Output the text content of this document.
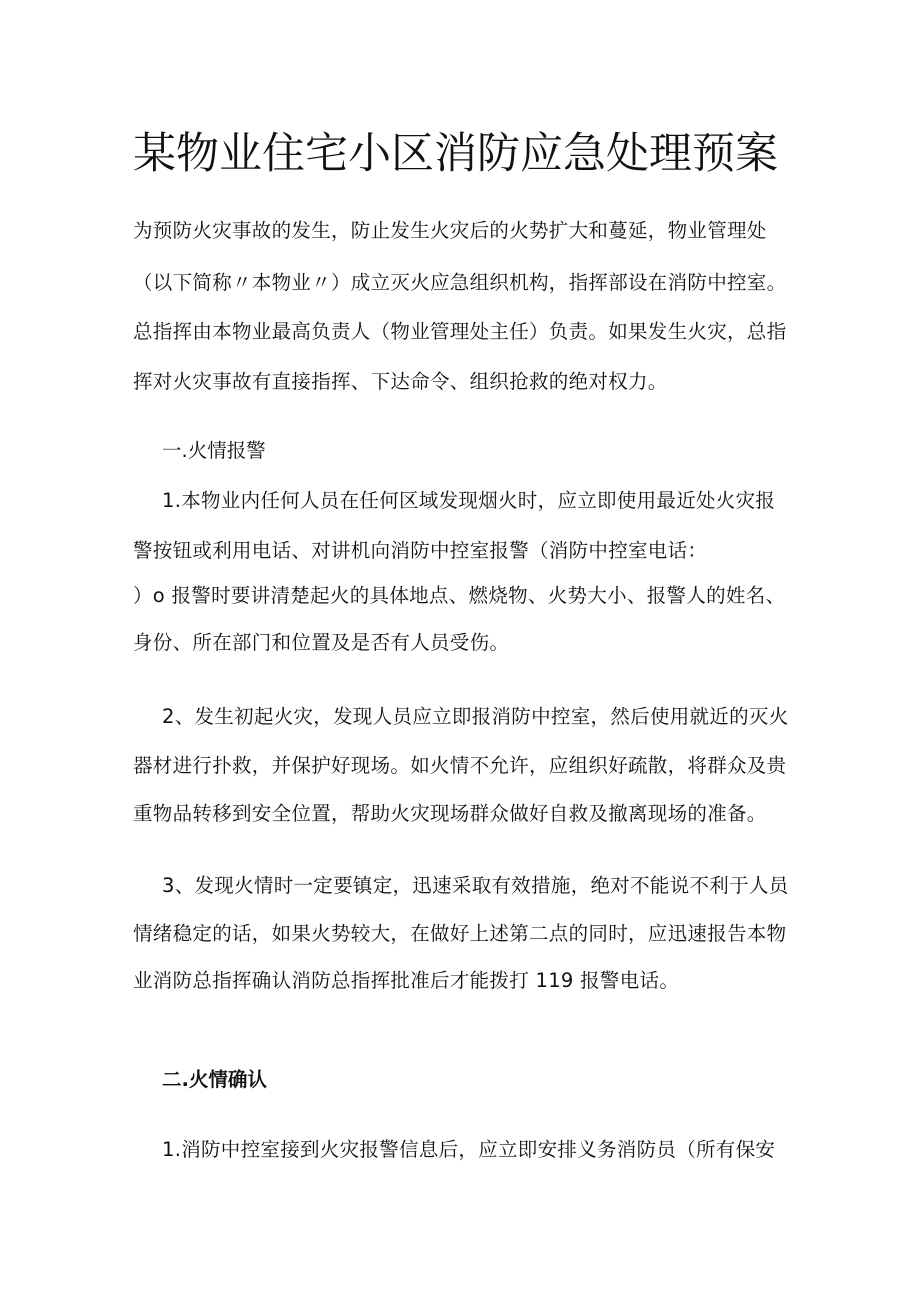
某物业住宅小区消防应急处理预案

为预防火灾事故的发生，防止发生火灾后的火势扩大和蔓延，物业管理处

（以下简称〃本物业〃）成立灭火应急组织机构，指挥部设在消防中控室。

总指挥由本物业最高负责人（物业管理处主任）负责。如果发生火灾，总指

挥对火灾事故有直接指挥、下达命令、组织抢救的绝对权力。

一.火情报警

1.本物业内任何人员在任何区域发现烟火时，应立即使用最近处火灾报

警按钮或利用电话、对讲机向消防中控室报警（消防中控室电话：

）o 报警时要讲清楚起火的具体地点、燃烧物、火势大小、报警人的姓名、

身份、所在部门和位置及是否有人员受伤。

2、发生初起火灾，发现人员应立即报消防中控室，然后使用就近的灭火

器材进行扑救，并保护好现场。如火情不允许，应组织好疏散，将群众及贵

重物品转移到安全位置，帮助火灾现场群众做好自救及撤离现场的准备。

3、发现火情时一定要镇定，迅速采取有效措施，绝对不能说不利于人员

情绪稳定的话，如果火势较大，在做好上述第二点的同时，应迅速报告本物

业消防总指挥确认消防总指挥批准后才能拨打 119 报警电话。

二.火情确认

1.消防中控室接到火灾报警信息后，应立即安排义务消防员（所有保安
